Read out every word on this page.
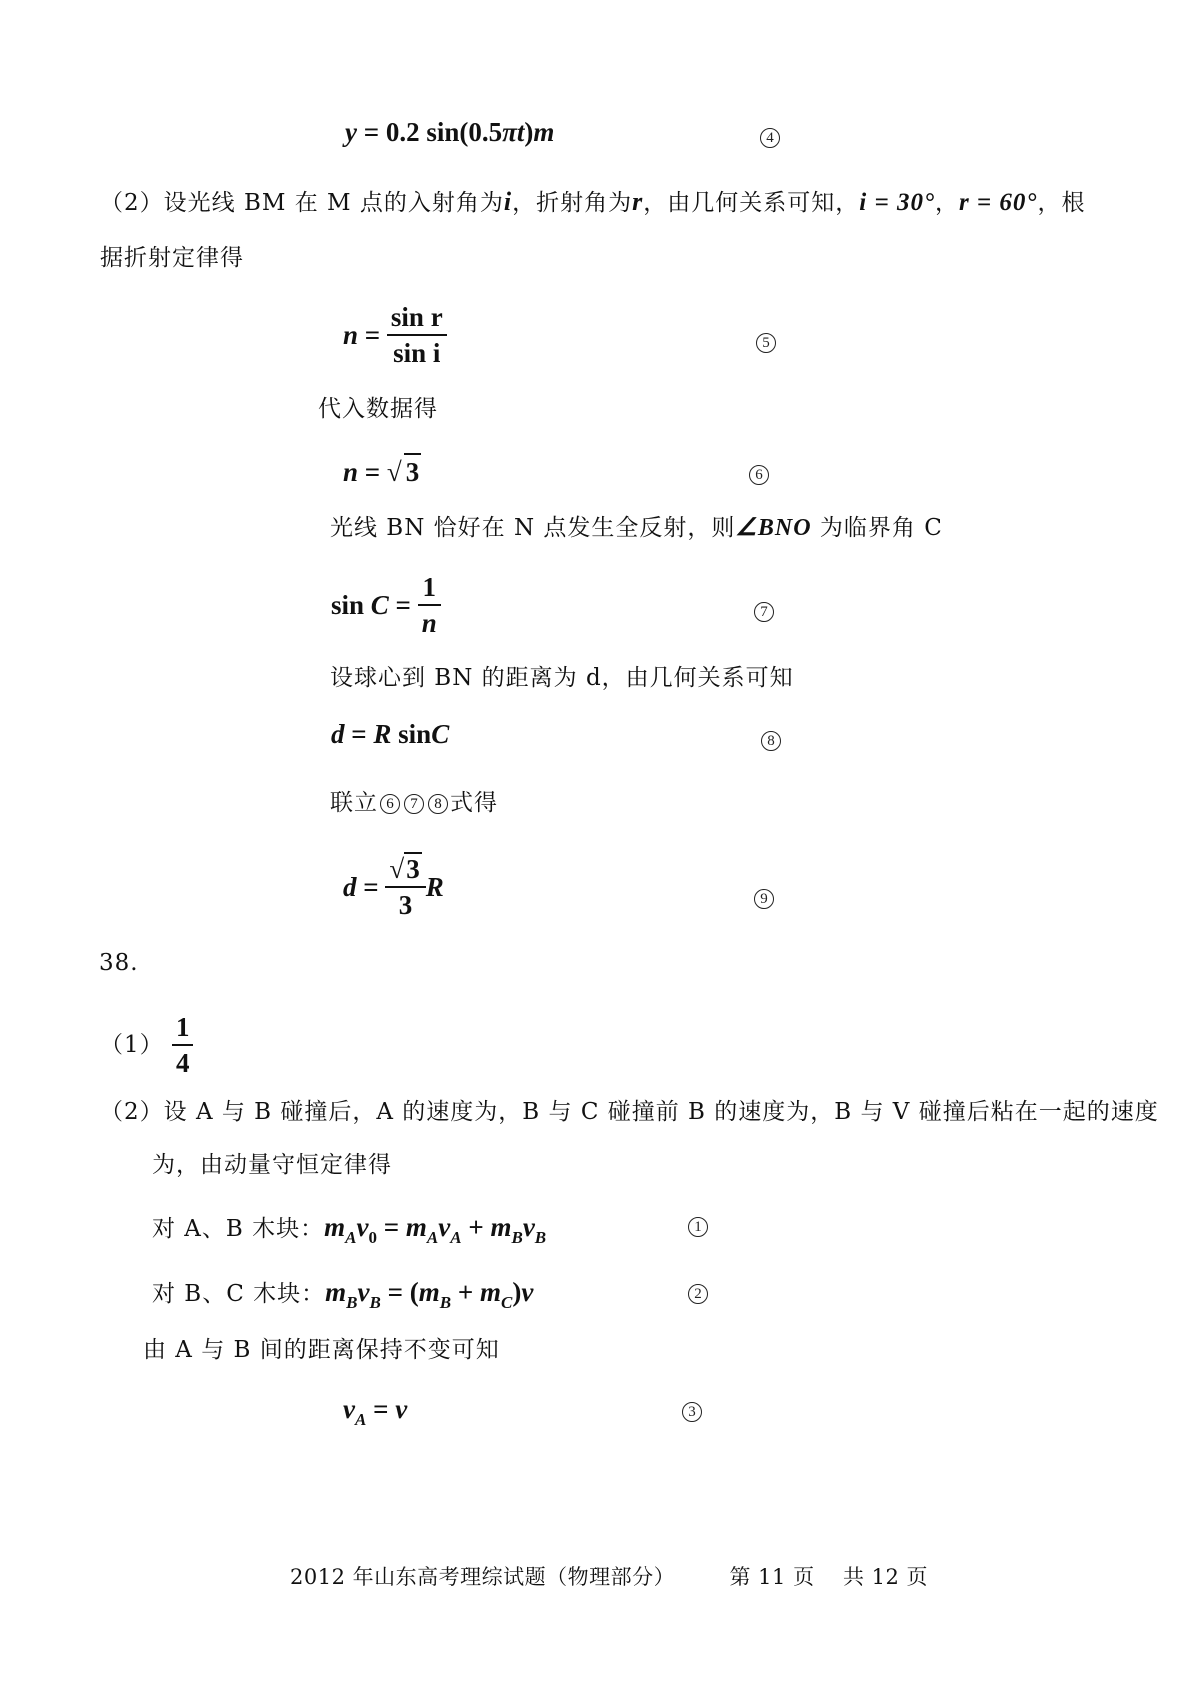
y = 0.2 sin(0.5πt)m	4
（2）设光线 BM 在 M 点的入射角为i，折射角为r，由几何关系可知，i = 30°，r = 60°，根
据折射定律得
$n = \frac{\text{sin r}}{\text{sin i}}$	5
代入数据得
n = √ 3	6
光线 BN 恰好在 N 点发生全反射，则∠BNO 为临界角 C
$\sin C = \frac{1}{n}$	7
设球心到 BN 的距离为 d，由几何关系可知
d = R sinC	8
联立 6 7 8 式得
$d = \frac{√3}{3}$ R	9
38.
$(1) \frac{1}{4}$
（2）设 A 与 B 碰撞后，A 的速度为，B 与 C 碰撞前 B 的速度为，B 与 V 碰撞后粘在一起的速度
为，由动量守恒定律得
对 A、B 木块：$m_Av_0 = m_Av_A + m_Bv_B$
1
对 B、C 木块：$m_Bv_B = (m_B + m_C)v$	2
由 A 与 B 间的距离保持不变可知
$v_A = v$	3
2012 年山东高考理综试题（物理部分）	第 11 页 共 12 页
